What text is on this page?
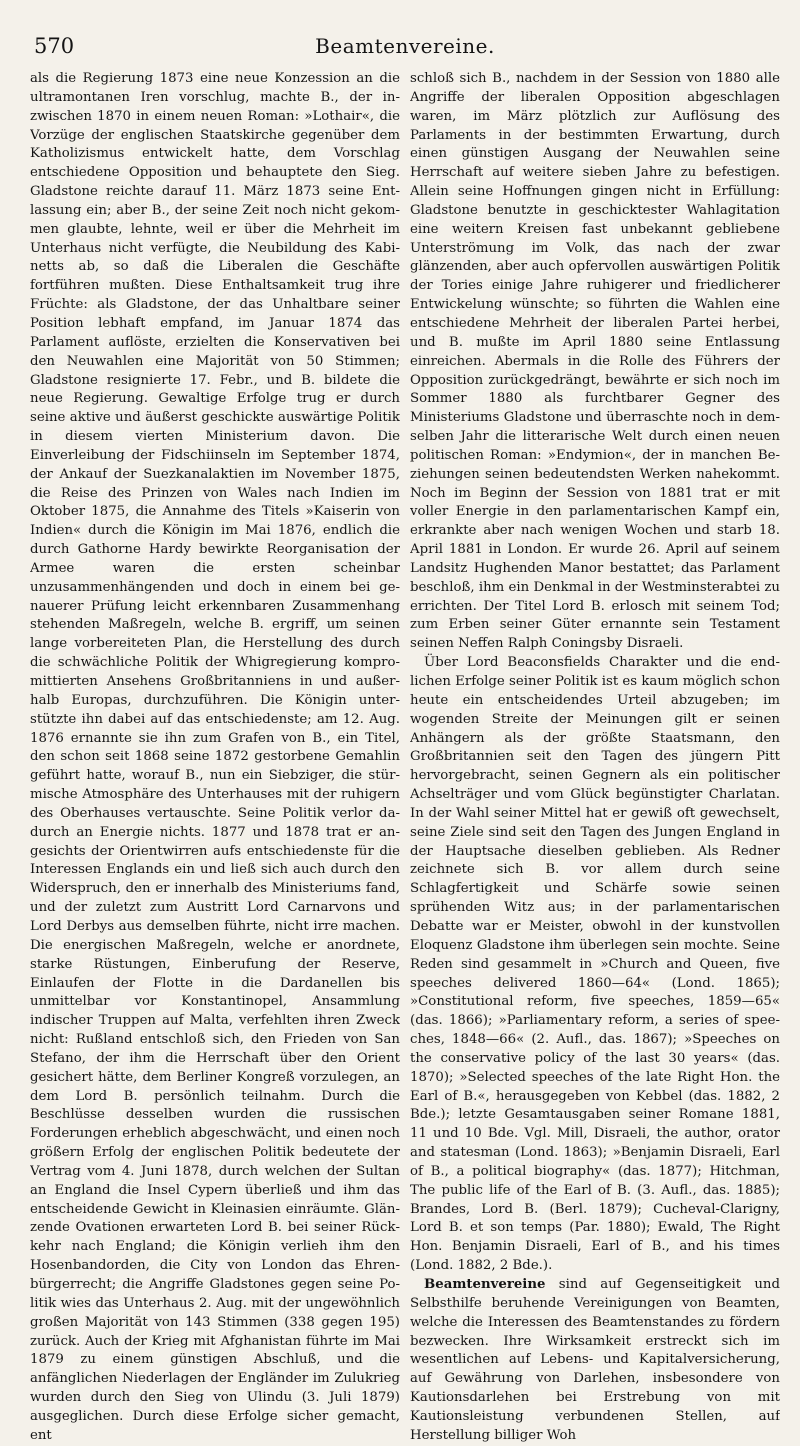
570	Beamtenvereine.

als die Regierung 1873 eine neue Konzession an die ultramontanen Iren vorschlug, machte B., der inzwischen 1870 in einem neuen Roman: »Lothair«, die Vorzüge der englischen Staatskirche gegenüber dem Katholizismus entwickelt hatte, dem Vorschlag entschiedene Opposition und behauptete den Sieg. Gladstone reichte darauf 11. März 1873 seine Entlassung ein; aber B., der seine Zeit noch nicht gekommen glaubte, lehnte, weil er über die Mehrheit im Unterhaus nicht verfügte, die Neubildung des Kabinetts ab, so daß die Liberalen die Geschäfte fortführen mußten. Diese Enthaltsamkeit trug ihre Früchte: als Gladstone, der das Unhaltbare seiner Position lebhaft empfand, im Januar 1874 das Parlament auflöste, erzielten die Konservativen bei den Neuwahlen eine Majorität von 50 Stimmen; Gladstone resignierte 17. Febr., und B. bildete die neue Regierung. Gewaltige Erfolge trug er durch seine aktive und äußerst geschickte auswärtige Politik in diesem vierten Ministerium davon. Die Einverleibung der Fidschiinseln im September 1874, der Ankauf der Suezkanalaktien im November 1875, die Reise des Prinzen von Wales nach Indien im Oktober 1875, die Annahme des Titels »Kaiserin von Indien« durch die Königin im Mai 1876, endlich die durch Gathorne Hardy bewirkte Reorganisation der Armee waren die ersten scheinbar unzusammenhängenden und doch in einem bei genauerer Prüfung leicht erkennbaren Zusammenhang stehenden Maßregeln, welche B. ergriff, um seinen lange vorbereiteten Plan, die Herstellung des durch die schwächliche Politik der Whigregierung kompromittierten Ansehens Großbritanniens in und außerhalb Europas, durchzuführen. Die Königin unterstützte ihn dabei auf das entschiedenste; am 12. Aug. 1876 ernannte sie ihn zum Grafen von B., ein Titel, den schon seit 1868 seine 1872 gestorbene Gemahlin geführt hatte, worauf B., nun ein Siebziger, die stürmische Atmosphäre des Unterhauses mit der ruhigern des Oberhauses vertauschte. Seine Politik verlor dadurch an Energie nichts. 1877 und 1878 trat er angesichts der Orientwirren aufs entschiedenste für die Interessen Englands ein und ließ sich auch durch den Widerspruch, den er innerhalb des Ministeriums fand, und der zuletzt zum Austritt Lord Carnarvons und Lord Derbys aus demselben führte, nicht irre machen. Die energischen Maßregeln, welche er anordnete, starke Rüstungen, Einberufung der Reserve, Einlaufen der Flotte in die Dardanellen bis unmittelbar vor Konstantinopel, Ansammlung indischer Truppen auf Malta, verfehlten ihren Zweck nicht: Rußland entschloß sich, den Frieden von San Stefano, der ihm die Herrschaft über den Orient gesichert hätte, dem Berliner Kongreß vorzulegen, an dem Lord B. persönlich teilnahm. Durch die Beschlüsse desselben wurden die russischen Forderungen erheblich abgeschwächt, und einen noch größern Erfolg der englischen Politik bedeutete der Vertrag vom 4. Juni 1878, durch welchen der Sultan an England die Insel Cypern überließ und ihm das entscheidende Gewicht in Kleinasien einräumte. Glänzende Ovationen erwarteten Lord B. bei seiner Rückkehr nach England; die Königin verlieh ihm den Hosenbandorden, die City von London das Ehrenbürgerrecht; die Angriffe Gladstones gegen seine Politik wies das Unterhaus 2. Aug. mit der ungewöhnlich großen Majorität von 143 Stimmen (338 gegen 195) zurück. Auch der Krieg mit Afghanistan führte im Mai 1879 zu einem günstigen Abschluß, und die anfänglichen Niederlagen der Engländer im Zulukrieg wurden durch den Sieg von Ulindu (3. Juli 1879) ausgeglichen. Durch diese Erfolge sicher gemacht, ent

schloß sich B., nachdem in der Session von 1880 alle Angriffe der liberalen Opposition abgeschlagen waren, im März plötzlich zur Auflösung des Parlaments in der bestimmten Erwartung, durch einen günstigen Ausgang der Neuwahlen seine Herrschaft auf weitere sieben Jahre zu befestigen. Allein seine Hoffnungen gingen nicht in Erfüllung: Gladstone benutzte in geschicktester Wahlagitation eine weitern Kreisen fast unbekannt gebliebene Unterströmung im Volk, das nach der zwar glänzenden, aber auch opfervollen auswärtigen Politik der Tories einige Jahre ruhigerer und friedlicherer Entwickelung wünschte; so führten die Wahlen eine entschiedene Mehrheit der liberalen Partei herbei, und B. mußte im April 1880 seine Entlassung einreichen. Abermals in die Rolle des Führers der Opposition zurückgedrängt, bewährte er sich noch im Sommer 1880 als furchtbarer Gegner des Ministeriums Gladstone und überraschte noch in demselben Jahr die litterarische Welt durch einen neuen politischen Roman: »Endymion«, der in manchen Beziehungen seinen bedeutendsten Werken nahekommt. Noch im Beginn der Session von 1881 trat er mit voller Energie in den parlamentarischen Kampf ein, erkrankte aber nach wenigen Wochen und starb 18. April 1881 in London. Er wurde 26. April auf seinem Landsitz Hughenden Manor bestattet; das Parlament beschloß, ihm ein Denkmal in der Westminsterabtei zu errichten. Der Titel Lord B. erlosch mit seinem Tod; zum Erben seiner Güter ernannte sein Testament seinen Neffen Ralph Coningsby Disraeli.

Über Lord Beaconsfields Charakter und die endlichen Erfolge seiner Politik ist es kaum möglich schon heute ein entscheidendes Urteil abzugeben; im wogenden Streite der Meinungen gilt er seinen Anhängern als der größte Staatsmann, den Großbritannien seit den Tagen des jüngern Pitt hervorgebracht, seinen Gegnern als ein politischer Achselträger und vom Glück begünstigter Charlatan. In der Wahl seiner Mittel hat er gewiß oft gewechselt, seine Ziele sind seit den Tagen des Jungen England in der Hauptsache dieselben geblieben. Als Redner zeichnete sich B. vor allem durch seine Schlagfertigkeit und Schärfe sowie seinen sprühenden Witz aus; in der parlamentarischen Debatte war er Meister, obwohl in der kunstvollen Eloquenz Gladstone ihm überlegen sein mochte. Seine Reden sind gesammelt in »Church and Queen, five speeches delivered 1860—64« (Lond. 1865); »Constitutional reform, five speeches, 1859—65« (das. 1866); »Parliamentary reform, a series of speeches, 1848—66« (2. Aufl., das. 1867); »Speeches on the conservative policy of the last 30 years« (das. 1870); »Selected speeches of the late Right Hon. the Earl of B.«, herausgegeben von Kebbel (das. 1882, 2 Bde.); letzte Gesamtausgaben seiner Romane 1881, 11 und 10 Bde. Vgl. Mill, Disraeli, the author, orator and statesman (Lond. 1863); »Benjamin Disraeli, Earl of B., a political biography« (das. 1877); Hitchman, The public life of the Earl of B. (3. Aufl., das. 1885); Brandes, Lord B. (Berl. 1879); Cucheval-Clarigny, Lord B. et son temps (Par. 1880); Ewald, The Right Hon. Benjamin Disraeli, Earl of B., and his times (Lond. 1882, 2 Bde.).

Beamtenvereine sind auf Gegenseitigkeit und Selbsthilfe beruhende Vereinigungen von Beamten, welche die Interessen des Beamtenstandes zu fördern bezwecken. Ihre Wirksamkeit erstreckt sich im wesentlichen auf Lebens- und Kapitalversicherung, auf Gewährung von Darlehen, insbesondere von Kautionsdarlehen bei Erstrebung von mit Kautionsleistung verbundenen Stellen, auf Herstellung billiger Woh
